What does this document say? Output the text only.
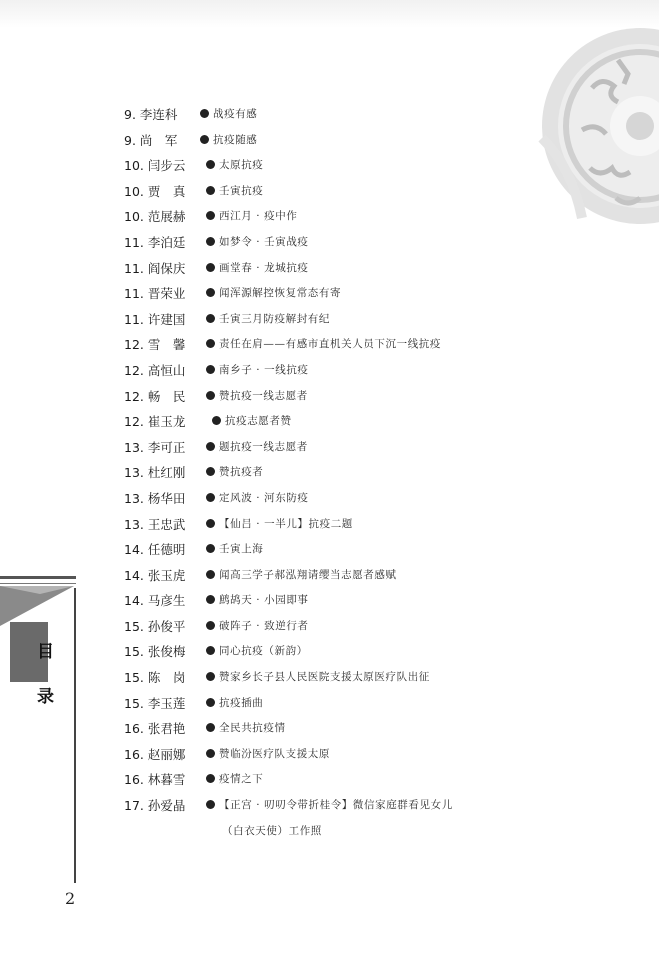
9. 李连科	战疫有感
9. 尚　军	抗疫随感
10. 闫步云	太原抗疫
10. 贾　真	壬寅抗疫
10. 范展赫	西江月 · 疫中作
11. 李泊廷	如梦令 · 壬寅战疫
11. 阎保庆	画堂春 · 龙城抗疫
11. 晋荣业	闻浑源解控恢复常态有寄
11. 许建国	壬寅三月防疫解封有纪
12. 雪　馨	责任在肩——有感市直机关人员下沉一线抗疫
12. 高恒山	南乡子 · 一线抗疫
12. 畅　民	赞抗疫一线志愿者
12. 崔玉龙	抗疫志愿者赞
13. 李可正	题抗疫一线志愿者
13. 杜红刚	赞抗疫者
13. 杨华田	定风波 · 河东防疫
13. 王忠武	【仙吕 · 一半儿】抗疫二题
14. 任德明	壬寅上海
14. 张玉虎	闻高三学子郝泓翔请缨当志愿者感赋
14. 马彦生	鹧鸪天 · 小园即事
15. 孙俊平	破阵子 · 致逆行者
15. 张俊梅	同心抗疫（新韵）
15. 陈　岗	赞家乡长子县人民医院支援太原医疗队出征
15. 李玉莲	抗疫插曲
16. 张君艳	全民共抗疫情
16. 赵丽娜	赞临汾医疗队支援太原
16. 林暮雪	疫情之下
17. 孙爱晶	【正宫 · 叨叨令带折桂令】微信家庭群看见女儿
（白衣天使）工作照
目
录
2
